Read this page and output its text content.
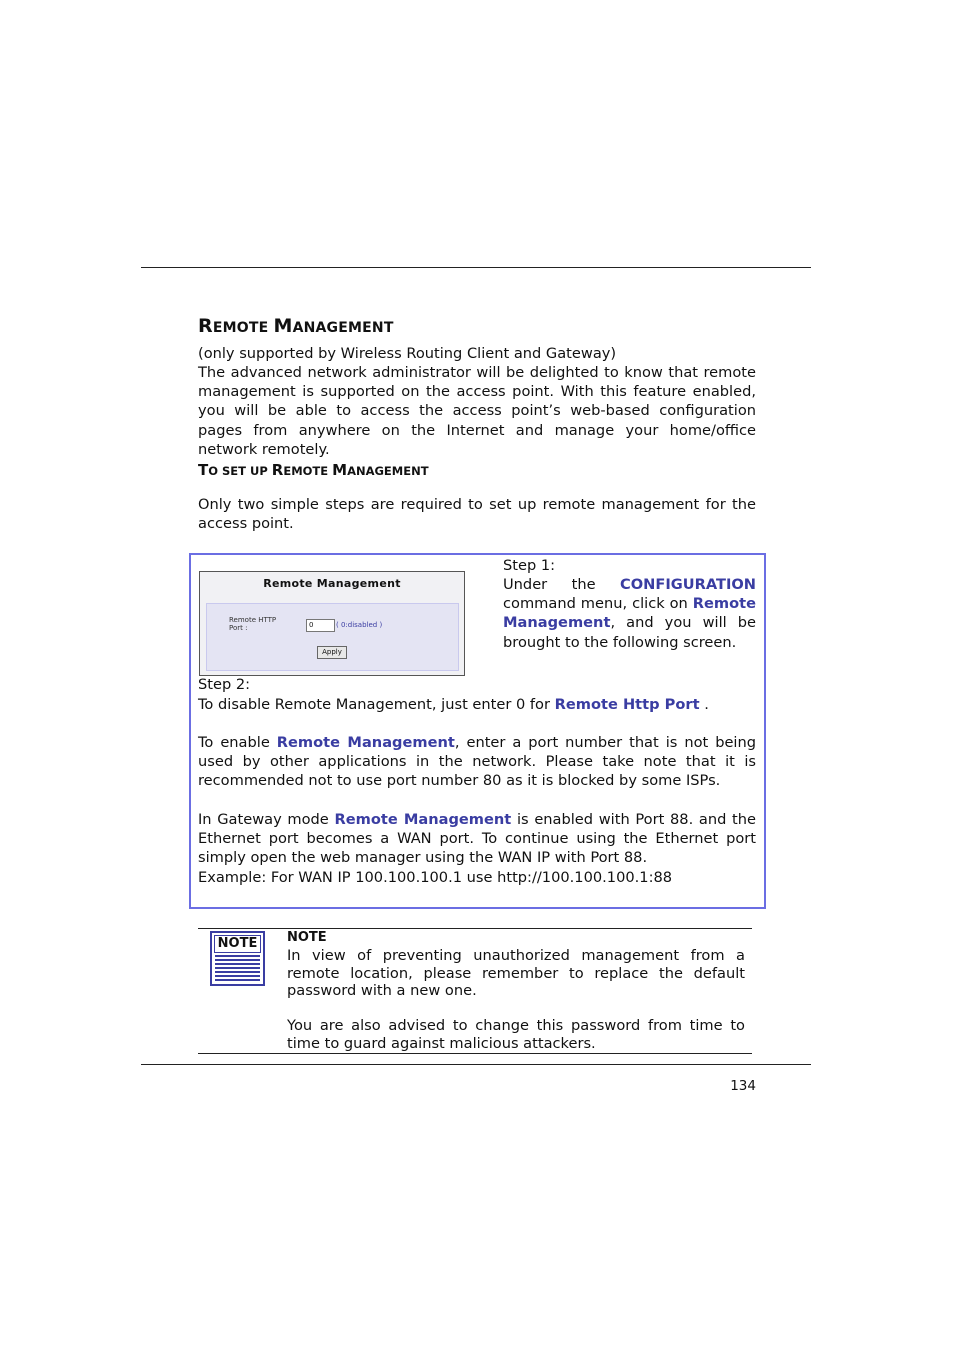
REMOTE MANAGEMENT
(only supported by Wireless Routing Client and Gateway)
The advanced network administrator will be delighted to know that remote management is supported on the access point. With this feature enabled, you will be able to access the access point’s web-based configuration pages from anywhere on the Internet and manage your home/office network remotely.
TO SET UP REMOTE MANAGEMENT
Only two simple steps are required to set up remote management for the access point.
Remote Management
Remote HTTP Port :	0	( 0:disabled )
Apply
Step 1:
Under the CONFIGURATION command menu, click on Remote Management, and you will be brought to the following screen.
Step 2:
To disable Remote Management, just enter 0 for Remote Http Port .
To enable Remote Management, enter a port number that is not being used by other applications in the network. Please take note that it is recommended not to use port number 80 as it is blocked by some ISPs.
In Gateway mode Remote Management is enabled with Port 88. and the Ethernet port becomes a WAN port. To continue using the Ethernet port simply open the web manager using the WAN IP with Port 88.
Example: For WAN IP 100.100.100.1 use http://100.100.100.1:88
NOTE NOTE
In view of preventing unauthorized management from a remote location, please remember to replace the default password with a new one.
You are also advised to change this password from time to time to guard against malicious attackers.
134
